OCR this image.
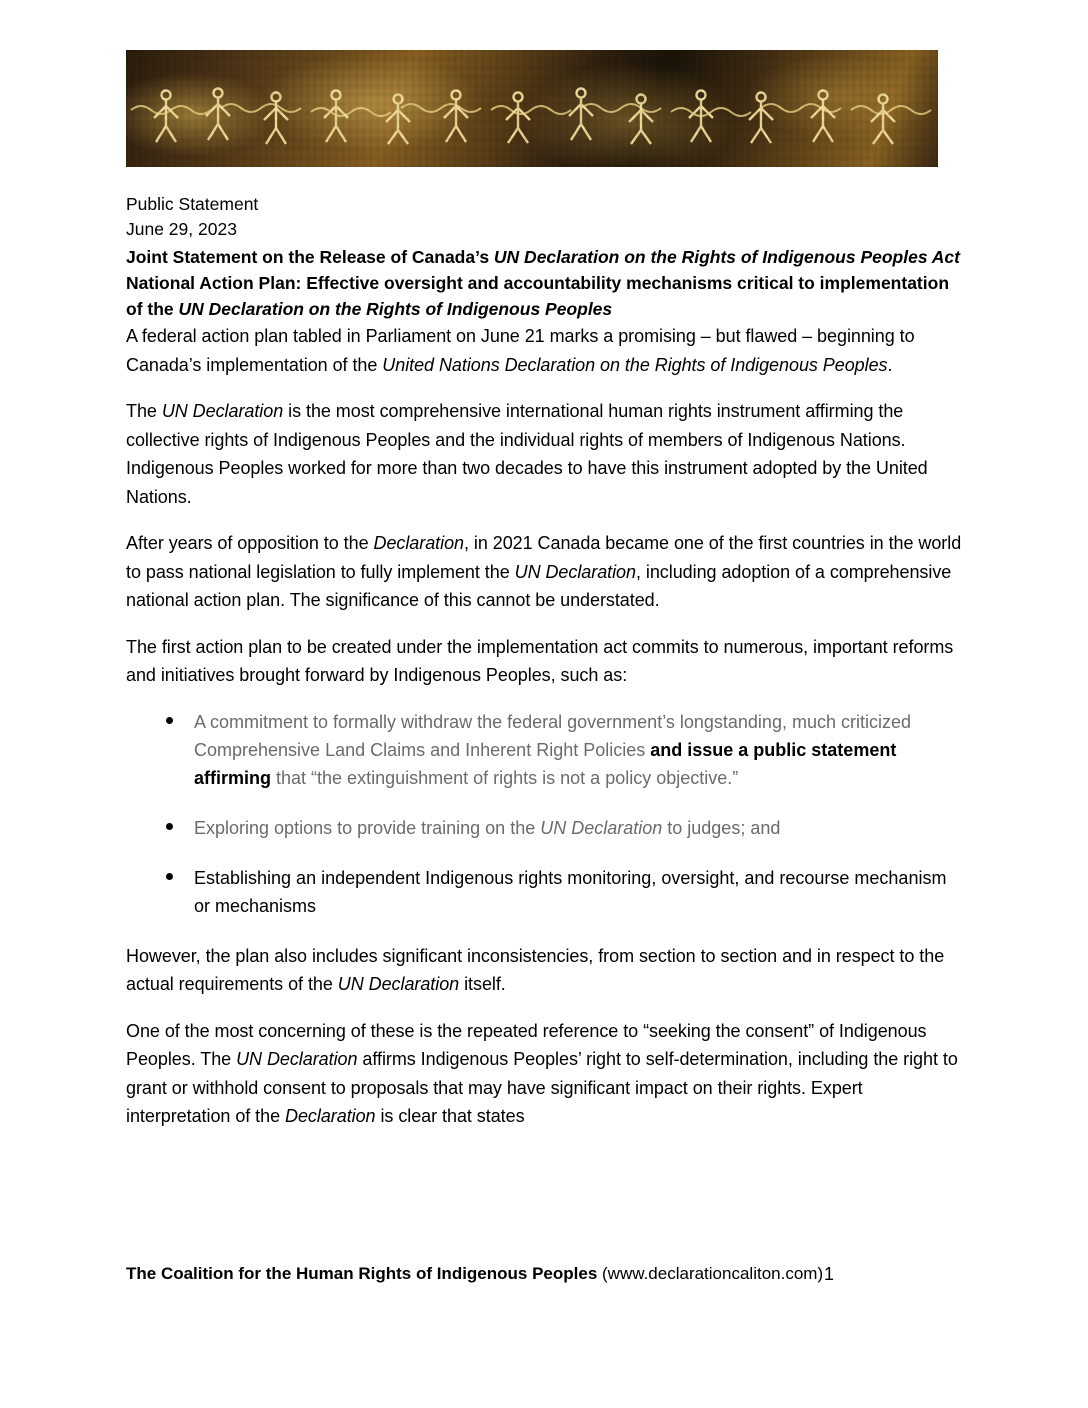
Public Statement
June 29, 2023
Joint Statement on the Release of Canada’s UN Declaration on the Rights of Indigenous Peoples Act National Action Plan: Effective oversight and accountability mechanisms critical to implementation of the UN Declaration on the Rights of Indigenous Peoples

A federal action plan tabled in Parliament on June 21 marks a promising – but flawed – beginning to Canada’s implementation of the United Nations Declaration on the Rights of Indigenous Peoples.

The UN Declaration is the most comprehensive international human rights instrument affirming the collective rights of Indigenous Peoples and the individual rights of members of Indigenous Nations. Indigenous Peoples worked for more than two decades to have this instrument adopted by the United Nations.

After years of opposition to the Declaration, in 2021 Canada became one of the first countries in the world to pass national legislation to fully implement the UN Declaration, including adoption of a comprehensive national action plan. The significance of this cannot be understated.

The first action plan to be created under the implementation act commits to numerous, important reforms and initiatives brought forward by Indigenous Peoples, such as:

A commitment to formally withdraw the federal government’s longstanding, much criticized Comprehensive Land Claims and Inherent Right Policies and issue a public statement affirming that “the extinguishment of rights is not a policy objective.”
Exploring options to provide training on the UN Declaration to judges; and
Establishing an independent Indigenous rights monitoring, oversight, and recourse mechanism or mechanisms

However, the plan also includes significant inconsistencies, from section to section and in respect to the actual requirements of the UN Declaration itself.

One of the most concerning of these is the repeated reference to “seeking the consent” of Indigenous Peoples. The UN Declaration affirms Indigenous Peoples’ right to self-determination, including the right to grant or withhold consent to proposals that may have significant impact on their rights. Expert interpretation of the Declaration is clear that states

The Coalition for the Human Rights of Indigenous Peoples (www.declarationcaliton.com) 1
